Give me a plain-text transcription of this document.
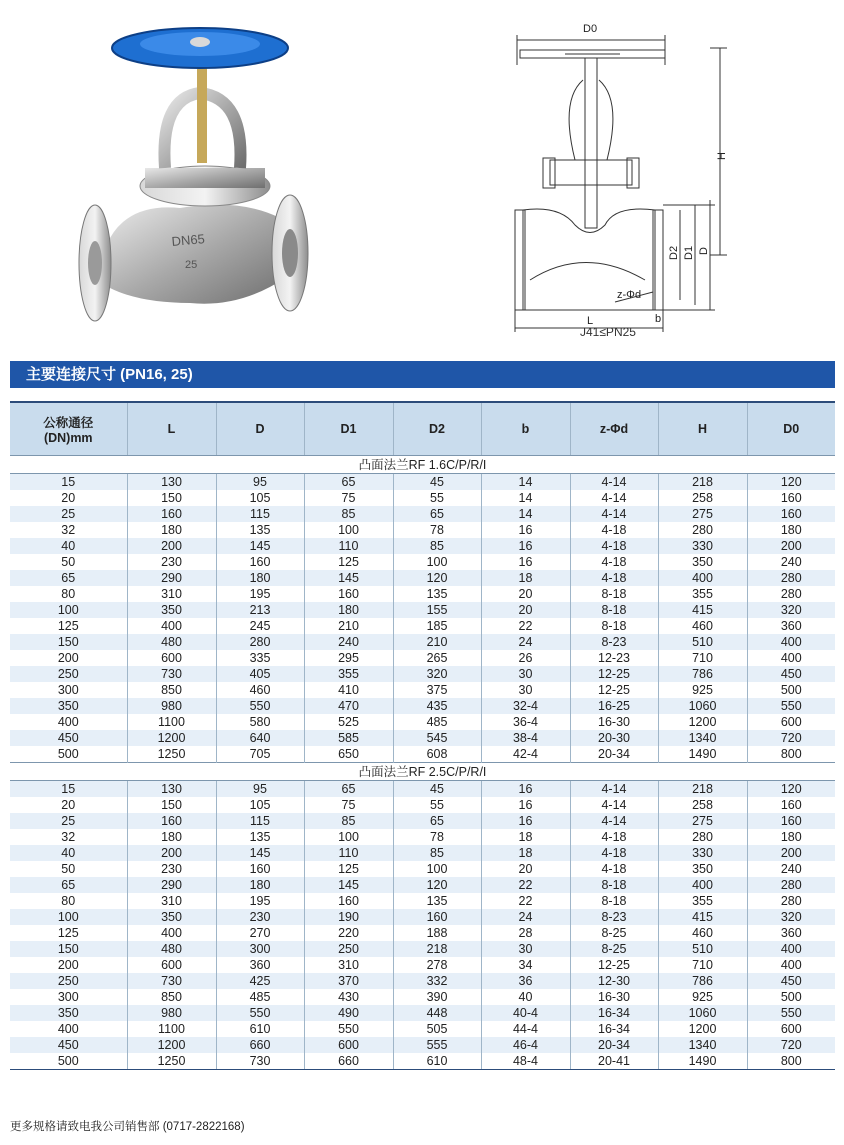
DN65
25
D0
H
D2 D1 D
z-Φd
L	b
J41≤PN25
主要连接尺寸 (PN16, 25)
公称通径
(DN)mm	L	D	D1	D2	b	z-Φd	H	D0
凸面法兰RF 1.6C/P/R/I								
15	130	95	65	45	14	4-14	218	120
20	150	105	75	55	14	4-14	258	160
25	160	115	85	65	14	4-14	275	160
32	180	135	100	78	16	4-18	280	180
40	200	145	110	85	16	4-18	330	200
50	230	160	125	100	16	4-18	350	240
65	290	180	145	120	18	4-18	400	280
80	310	195	160	135	20	8-18	355	280
100	350	213	180	155	20	8-18	415	320
125	400	245	210	185	22	8-18	460	360
150	480	280	240	210	24	8-23	510	400
200	600	335	295	265	26	12-23	710	400
250	730	405	355	320	30	12-25	786	450
300	850	460	410	375	30	12-25	925	500
350	980	550	470	435	32-4	16-25	1060	550
400	1100	580	525	485	36-4	16-30	1200	600
450	1200	640	585	545	38-4	20-30	1340	720
500	1250	705	650	608	42-4	20-34	1490	800
凸面法兰RF 2.5C/P/R/I								
15	130	95	65	45	16	4-14	218	120
20	150	105	75	55	16	4-14	258	160
25	160	115	85	65	16	4-14	275	160
32	180	135	100	78	18	4-18	280	180
40	200	145	110	85	18	4-18	330	200
50	230	160	125	100	20	4-18	350	240
65	290	180	145	120	22	8-18	400	280
80	310	195	160	135	22	8-18	355	280
100	350	230	190	160	24	8-23	415	320
125	400	270	220	188	28	8-25	460	360
150	480	300	250	218	30	8-25	510	400
200	600	360	310	278	34	12-25	710	400
250	730	425	370	332	36	12-30	786	450
300	850	485	430	390	40	16-30	925	500
350	980	550	490	448	40-4	16-34	1060	550
400	1100	610	550	505	44-4	16-34	1200	600
450	1200	660	600	555	46-4	20-34	1340	720
500	1250	730	660	610	48-4	20-41	1490	800
更多规格请致电我公司销售部 (0717-2822168)
